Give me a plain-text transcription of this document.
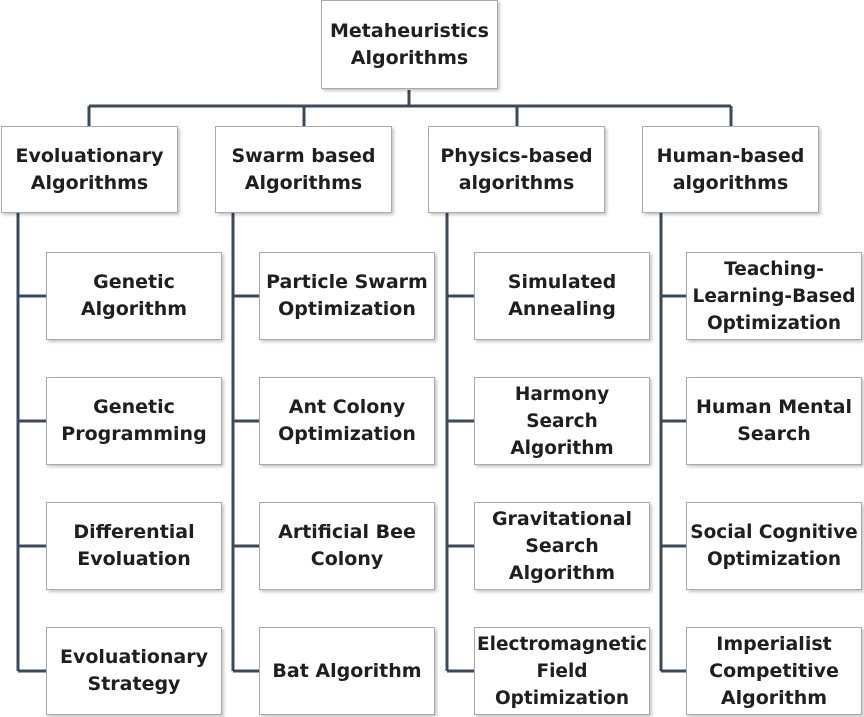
Metaheuristics
Algorithms
Evoluationary
Algorithms
Swarm based
Algorithms
Physics-based
algorithms
Human-based
algorithms
Genetic
Algorithm
Genetic
Programming
Differential
Evoluation
Evoluationary
Strategy
Particle Swarm
Optimization
Ant Colony
Optimization
Artificial Bee
Colony
Bat Algorithm
Simulated
Annealing
Harmony Search
Algorithm
Gravitational
Search
Algorithm
Electromagnetic
Field
Optimization
Teaching-
Learning-Based
Optimization
Human Mental
Search
Social Cognitive
Optimization
Imperialist
Competitive
Algorithm
